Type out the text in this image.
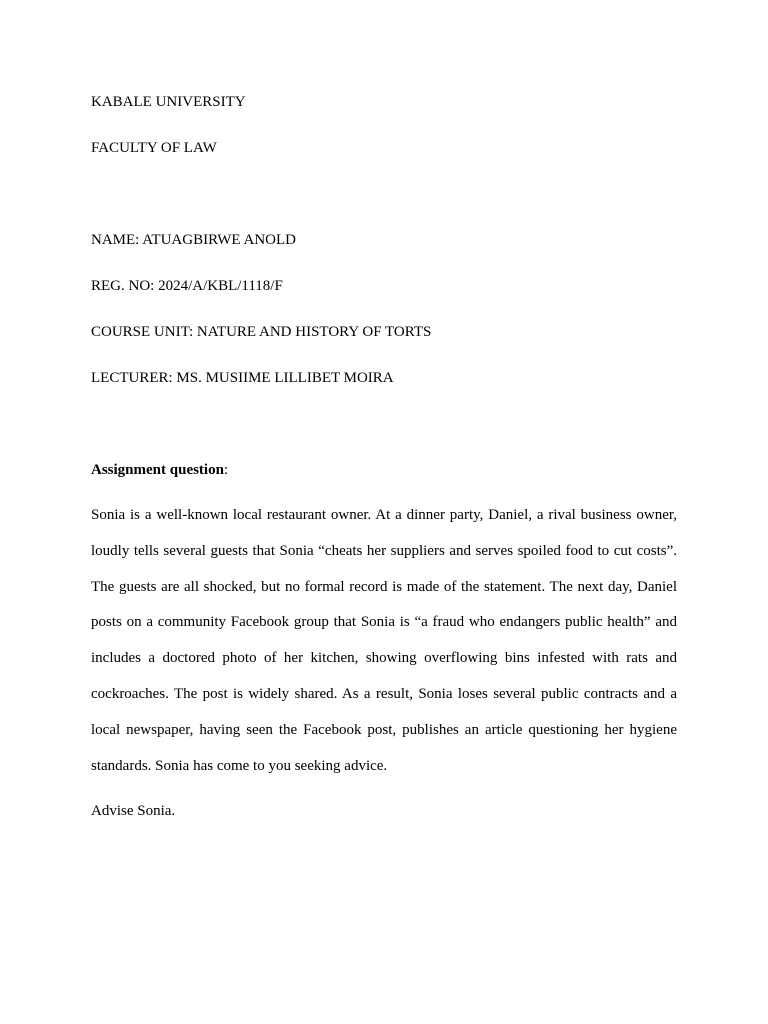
KABALE UNIVERSITY

FACULTY OF LAW

NAME: ATUAGBIRWE ANOLD

REG. NO: 2024/A/KBL/1118/F

COURSE UNIT: NATURE AND HISTORY OF TORTS

LECTURER: MS. MUSIIME LILLIBET MOIRA

Assignment question:

Sonia is a well-known local restaurant owner. At a dinner party, Daniel, a rival business owner, loudly tells several guests that Sonia “cheats her suppliers and serves spoiled food to cut costs”. The guests are all shocked, but no formal record is made of the statement. The next day, Daniel posts on a community Facebook group that Sonia is “a fraud who endangers public health” and includes a doctored photo of her kitchen, showing overflowing bins infested with rats and cockroaches. The post is widely shared. As a result, Sonia loses several public contracts and a local newspaper, having seen the Facebook post, publishes an article questioning her hygiene standards. Sonia has come to you seeking advice.

Advise Sonia.
